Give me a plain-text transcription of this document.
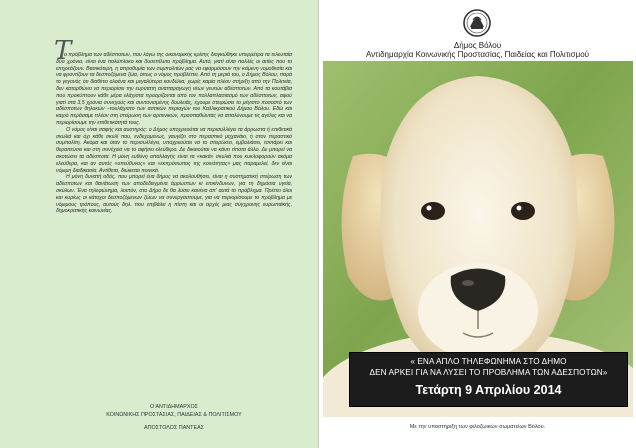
Τ

ο πρόβλημα των αδέσποτων, που λόγω της οικονομικής κρίσης διογκώθηκε υπερμέτρα τα τελευταία δύο χρόνια, είναι ένα πολύπλοκο και δυσεπίλυτο πρόβλημα. Αυτό, γιατί είναι πολλές οι αιτίες που το επηρεάζουν. Βασικότερη, η απροθυμία των συμπολιτών μας να εφαρμόσουν την κείμενη νομοθεσία και να φροντίζουν τα δεσποζόμενα ζώα, όπως ο νόμος προβλέπει. Από τη μεριά του, ο Δήμος Βόλου, παρά το γεγονός ότι διαθέτει ολοένα και μεγαλύτερα κονδύλια, χωρίς καμία πλέον στήριξη από την Πολιτεία, δεν κατορθώνει να περιορίσει την ευρύτατη αναπαραγωγή νέων γενεών αδέσποτων. Από τα κουτάβια που προκύπτουν κάθε μέρα ελάχιστα προορίζονται από τον πολλαπλασιασμό των αδέσποτων, αφού γιατί στα 3,5 χρόνια συνεχούς και συντονισμένης δουλειάς, έχουμε στειρώσει το μέγιστο ποσοστό των αδέσποτων θηλυκών –τουλάχιστο των αστικών περιοχών του Καλλικρατικού Δήμου Βόλου. Εδώ και καιρό περάσαμε πλέον στη στείρωση των αρσενικών, προσπαθώντας να απαλύνουμε τις αγέλες και να περιορίσουμε την επιθετικότητά τους.

Ο νόμος είναι σαφής και αυστηρός: ο Δήμος υποχρεούται να περισυλλέγει τα άρρωστα ή επιθετικά σκυλιά και όχι κάθε σκυλί που, ενδεχομένως, γαυγίζει στο περαστικό μηχανάκι, ή στον περαστικό συμπολίτη. Ακόμα και όταν το περισυλλέγει, υποχρεούται να το στειρώσει, εμβολιάσει, τσιπάρει και θεραπεύσει και στη συνέχεια να το αφήσει ελεύθερο. Δε δικαιούται να κάνει τίποτα άλλο. Δε μπορεί να σκοτώσει τα αδέσποτα. Η μόνη ευθύνη απαλλαγής είναι τα «κακά» σκυλιά που κυκλοφορούν ακόμα ελεύθερα, και αν αυτός «υπεύθυνος» και «εκπρόσωπος της κοινότητας» μας παραμελεί, δεν είναι νόμιμη διαδικασία. Αντίθετα, διώκεται ποινικά.

Η μόνη δυνατή οδός, που μπορεί ένα δήμος να ακολουθήσει, είναι η συστηματική στείρωση των αδέσποτων και θανάτωση των αποδεδειγμένα άρρωστων κι επικίνδυνων, για τη δημόσια υγεία, σκύλων. Ένα τηλεφώνημα, λοιπόν, στο Δήμο δε θα λύσει κανένα απ' αυτά το πρόβλημα. Πρέπει όλοι και κυρίως οι κάτοχοι δεσποζόμενων ζώων να συνεργαστούμε, για να περιορίσουμε το πρόβλημα με νόμιμους τρόπους, αυτούς δηλ. που επιβάλει η πίστη και οι αρχές μιας σύγχρονης ευρωπαϊκής, δημοκρατικής κοινωνίας.

Ο ΑΝΤΙΔΗΜΑΡΧΟΣ
ΚΟΙΝΩΝΙΚΗΣ ΠΡΟΣΤΑΣΙΑΣ, ΠΑΙΔΕΙΑΣ & ΠΟΛΙΤΙΣΜΟΥ
ΑΠΟΣΤΟΛΟΣ ΠΑΝΤΕΑΣ
Δήμος Βόλου
Αντιδημαρχία Κοινωνικής Προστασίας, Παιδείας και Πολιτισμού
« ΕΝΑ ΑΠΛΟ ΤΗΛΕΦΩΝΗΜΑ ΣΤΟ ΔΗΜΟ
ΔΕΝ ΑΡΚΕΙ ΓΙΑ ΝΑ ΛΥΣΕΙ ΤΟ ΠΡΟΒΛΗΜΑ ΤΩΝ ΑΔΕΣΠΟΤΩΝ»
Τετάρτη 9 Απριλίου 2014
Με την υποστήριξη των φιλοζωικών σωματείων Βόλου.
